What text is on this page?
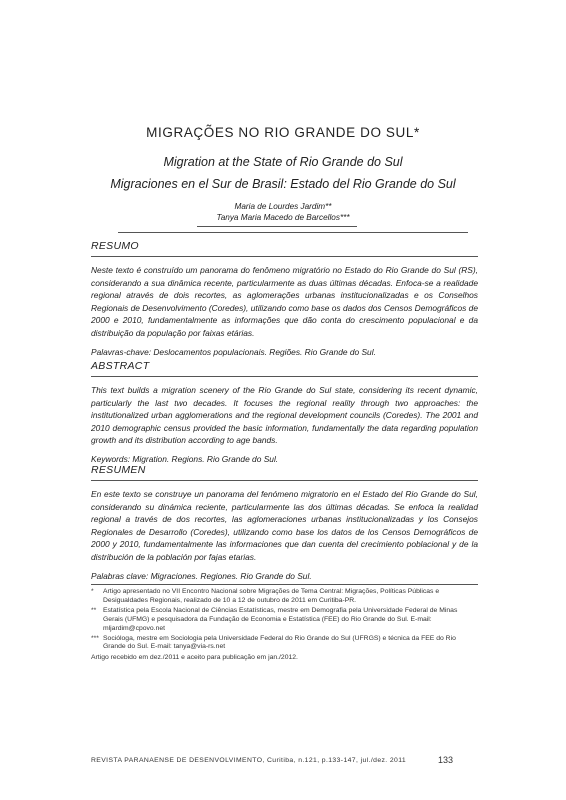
MIGRAÇÕES NO RIO GRANDE DO SUL*

Migration at the State of Rio Grande do Sul

Migraciones en el Sur de Brasil: Estado del Rio Grande do Sul

Maria de Lourdes Jardim**
Tanya Maria Macedo de Barcellos***

RESUMO

Neste texto é construído um panorama do fenômeno migratório no Estado do Rio Grande do Sul (RS), considerando a sua dinâmica recente, particularmente as duas últimas décadas. Enfoca-se a realidade regional através de dois recortes, as aglomerações urbanas institucionalizadas e os Conselhos Regionais de Desenvolvimento (Coredes), utilizando como base os dados dos Censos Demográficos de 2000 e 2010, fundamentalmente as informações que dão conta do crescimento populacional e da distribuição da população por faixas etárias.

Palavras-chave: Deslocamentos populacionais. Regiões. Rio Grande do Sul.

ABSTRACT

This text builds a migration scenery of the Rio Grande do Sul state, considering its recent dynamic, particularly the last two decades. It focuses the regional reality through two approaches: the institutionalized urban agglomerations and the regional development councils (Coredes). The 2001 and 2010 demographic census provided the basic information, fundamentally the data regarding population growth and its distribution according to age bands.

Keywords: Migration. Regions. Rio Grande do Sul.

RESUMEN

En este texto se construye un panorama del fenómeno migratorio en el Estado del Rio Grande do Sul, considerando su dinámica reciente, particularmente las dos últimas décadas. Se enfoca la realidad regional a través de dos recortes, las aglomeraciones urbanas institucionalizadas y los Consejos Regionales de Desarrollo (Coredes), utilizando como base los datos de los Censos Demográficos de 2000 y 2010, fundamentalmente las informaciones que dan cuenta del crecimiento poblacional y de la distribución de la población por fajas etarias.

Palabras clave: Migraciones. Regiones. Rio Grande do Sul.

*	Artigo apresentado no VII Encontro Nacional sobre Migrações de Tema Central: Migrações, Políticas Públicas e Desigualdades Regionais, realizado de 10 a 12 de outubro de 2011 em Curitiba-PR.
** Estatística pela Escola Nacional de Ciências Estatísticas, mestre em Demografia pela Universidade Federal de Minas Gerais (UFMG) e pesquisadora da Fundação de Economia e Estatística (FEE) do Rio Grande do Sul. E-mail: mljardim@cpovo.net
*** Socióloga, mestre em Sociologia pela Universidade Federal do Rio Grande do Sul (UFRGS) e técnica da FEE do Rio Grande do Sul. E-mail: tanya@via-rs.net
Artigo recebido em dez./2011 e aceito para publicação em jan./2012.
REVISTA PARANAENSE DE DESENVOLVIMENTO, Curitiba, n.121, p.133-147, jul./dez. 2011	133
